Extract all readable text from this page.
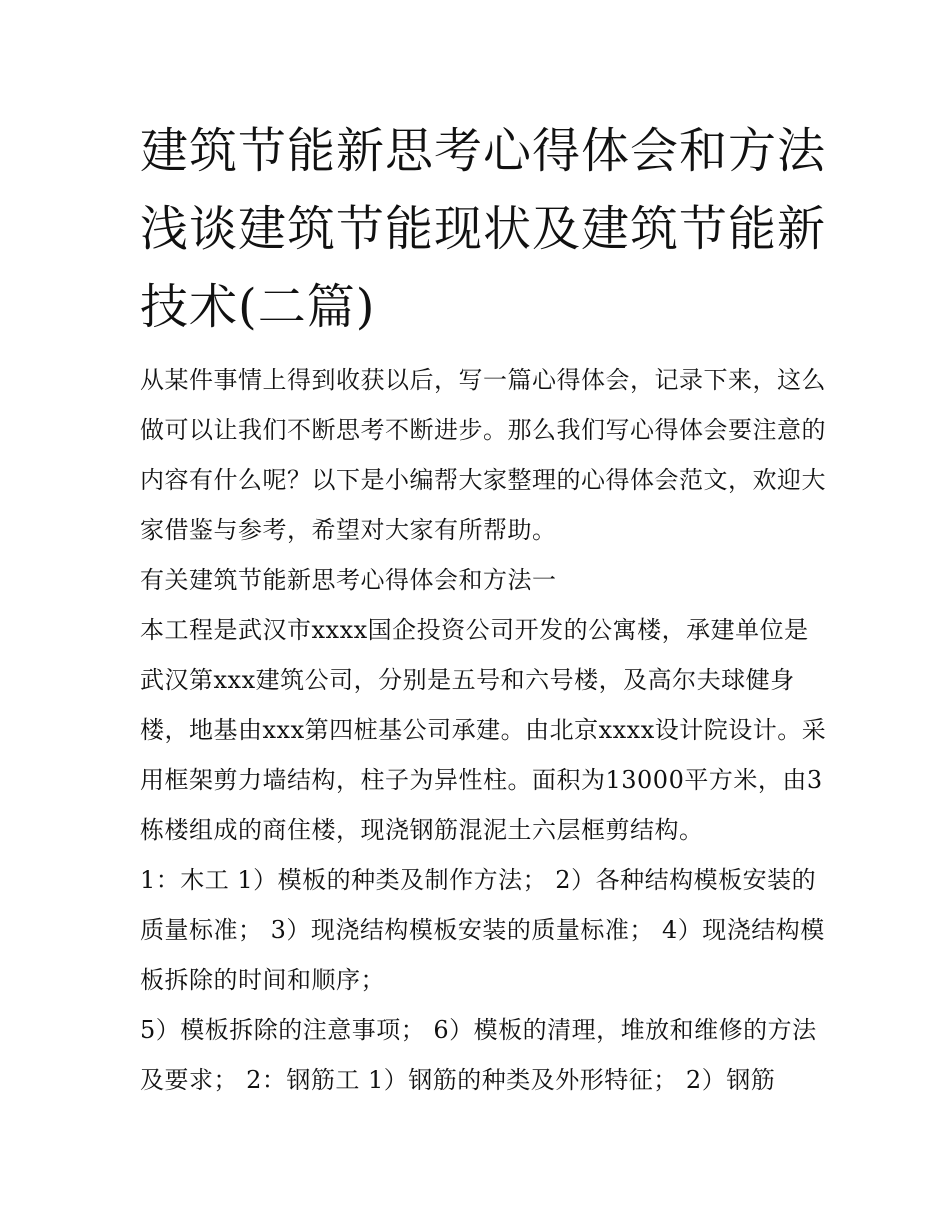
建筑节能新思考心得体会和方法 浅谈建筑节能现状及建筑节能新技术(二篇)

从某件事情上得到收获以后，写一篇心得体会，记录下来，这么做可以让我们不断思考不断进步。那么我们写心得体会要注意的内容有什么呢？以下是小编帮大家整理的心得体会范文，欢迎大家借鉴与参考，希望对大家有所帮助。

有关建筑节能新思考心得体会和方法一

本工程是武汉市xxxx国企投资公司开发的公寓楼，承建单位是武汉第xxx建筑公司，分别是五号和六号楼，及高尔夫球健身楼，地基由xxx第四桩基公司承建。由北京xxxx设计院设计。采用框架剪力墙结构，柱子为异性柱。面积为13000平方米，由3栋楼组成的商住楼，现浇钢筋混泥土六层框剪结构。

1：木工 1）模板的种类及制作方法； 2）各种结构模板安装的质量标准； 3）现浇结构模板安装的质量标准； 4）现浇结构模板拆除的时间和顺序；

5）模板拆除的注意事项； 6）模板的清理，堆放和维修的方法及要求； 2：钢筋工 1）钢筋的种类及外形特征； 2）钢筋
